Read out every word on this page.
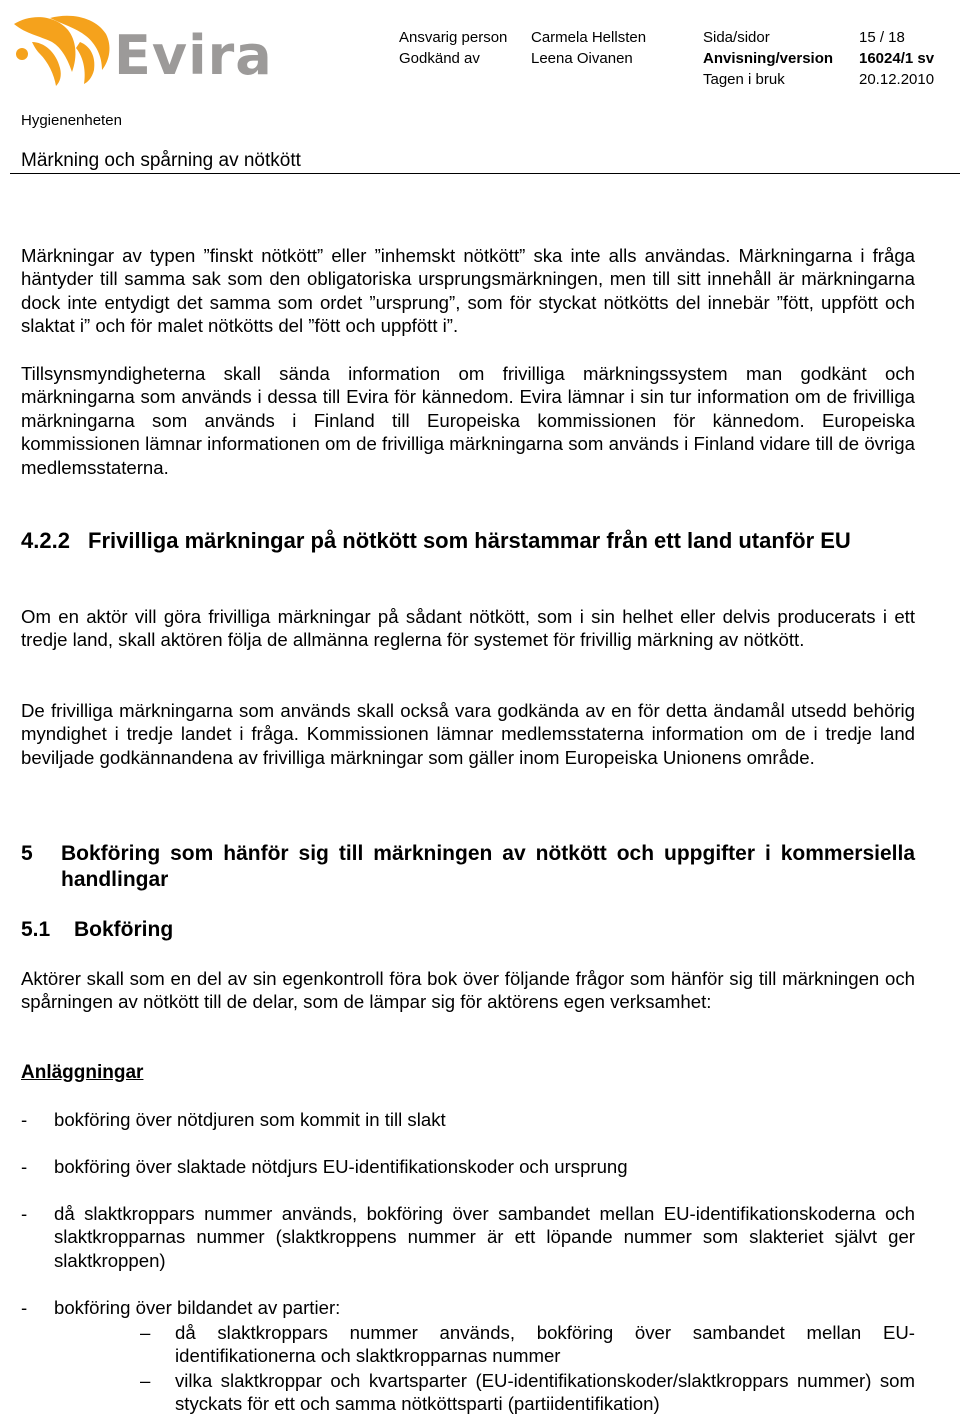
Evira	Ansvarig person Carmela Hellsten	Sida/sidor	15 / 18
Godkänd av	Leena Oivanen	Anvisning/version 16024/1 sv
Tagen i bruk	20.12.2010
Hygienenheten
Märkning och spårning av nötkött
Märkningar av typen ”finskt nötkött” eller ”inhemskt nötkött” ska inte alls användas. Märkningarna i fråga häntyder till samma sak som den obligatoriska ursprungsmärkningen, men till sitt innehåll är märkningarna dock inte entydigt det samma som ordet ”ursprung”, som för styckat nötkötts del innebär ”fött, uppfött och slaktat i” och för malet nötkötts del ”fött och uppfött i”.
Tillsynsmyndigheterna skall sända information om frivilliga märkningssystem man godkänt och märkningarna som används i dessa till Evira för kännedom. Evira lämnar i sin tur information om de frivilliga märkningarna som används i Finland till Europeiska kommissionen för kännedom. Europeiska kommissionen lämnar informationen om de frivilliga märkningarna som används i Finland vidare till de övriga medlemsstaterna.
4.2.2 Frivilliga märkningar på nötkött som härstammar från ett land utanför EU
Om en aktör vill göra frivilliga märkningar på sådant nötkött, som i sin helhet eller delvis producerats i ett tredje land, skall aktören följa de allmänna reglerna för systemet för frivillig märkning av nötkött.
De frivilliga märkningarna som används skall också vara godkända av en för detta ändamål utsedd behörig myndighet i tredje landet i fråga. Kommissionen lämnar medlemsstaterna information om de i tredje land beviljade godkännandena av frivilliga märkningar som gäller inom Europeiska Unionens område.
5 Bokföring som hänför sig till märkningen av nötkött och uppgifter i kommersiella handlingar
5.1 Bokföring
Aktörer skall som en del av sin egenkontroll föra bok över följande frågor som hänför sig till märkningen och spårningen av nötkött till de delar, som de lämpar sig för aktörens egen verksamhet:
Anläggningar
- bokföring över nötdjuren som kommit in till slakt
- bokföring över slaktade nötdjurs EU-identifikationskoder och ursprung
- då slaktkroppars nummer används, bokföring över sambandet mellan EU-identifikationskoderna och slaktkropparnas nummer (slaktkroppens nummer är ett löpande nummer som slakteriet självt ger slaktkroppen)
- bokföring över bildandet av partier:
– då slaktkroppars nummer används, bokföring över sambandet mellan EU-identifikationerna och slaktkropparnas nummer
– vilka slaktkroppar och kvartsparter (EU-identifikationskoder/slaktkroppars nummer) som styckats för ett och samma nötköttsparti (partiidentifikation)
